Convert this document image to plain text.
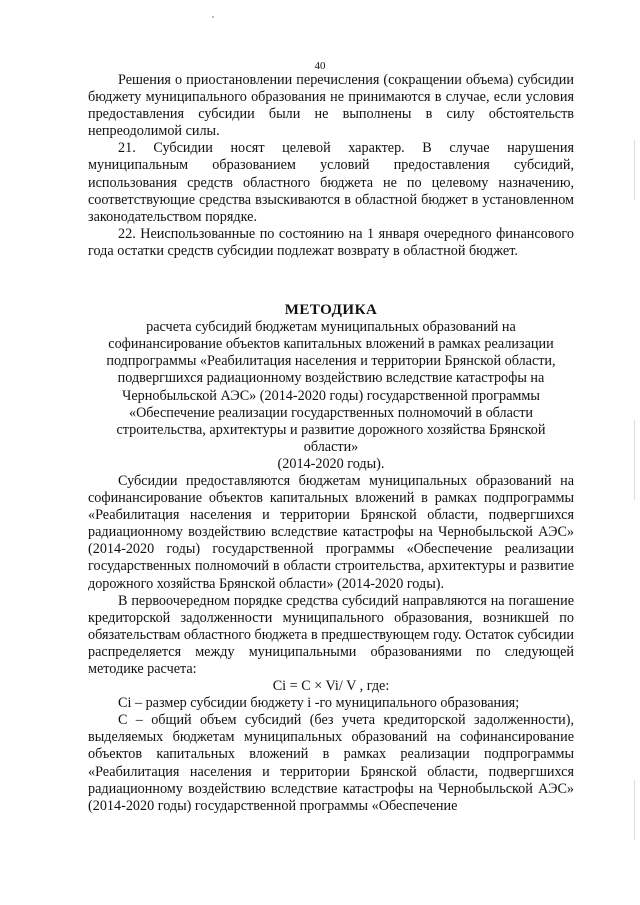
40

Решения о приостановлении перечисления (сокращении объема) субсидии бюджету муниципального образования не принимаются в случае, если условия предоставления субсидии были не выполнены в силу обстоятельств непреодолимой силы.

21. Субсидии носят целевой характер. В случае нарушения муниципальным образованием условий предоставления субсидий, использования средств областного бюджета не по целевому назначению, соответствующие средства взыскиваются в областной бюджет в установленном законодательством порядке.

22. Неиспользованные по состоянию на 1 января очередного финансового года остатки средств субсидии подлежат возврату в областной бюджет.

МЕТОДИКА

расчета субсидий бюджетам муниципальных образований на

софинансирование объектов капитальных вложений в рамках реализации

подпрограммы «Реабилитация населения и территории Брянской области,

подвергшихся радиационному воздействию вследствие катастрофы на

Чернобыльской АЭС» (2014-2020 годы) государственной программы

«Обеспечение реализации государственных полномочий в области

строительства, архитектуры и развитие дорожного хозяйства Брянской области»

(2014-2020 годы).

Субсидии предоставляются бюджетам муниципальных образований на софинансирование объектов капитальных вложений в рамках подпрограммы «Реабилитация населения и территории Брянской области, подвергшихся радиационному воздействию вследствие катастрофы на Чернобыльской АЭС» (2014-2020 годы) государственной программы «Обеспечение реализации государственных полномочий в области строительства, архитектуры и развитие дорожного хозяйства Брянской области» (2014-2020 годы).

В первоочередном порядке средства субсидий направляются на погашение кредиторской задолженности муниципального образования, возникшей по обязательствам областного бюджета в предшествующем году. Остаток субсидии распределяется между муниципальными образованиями по следующей методике расчета:

Ci = C × Vi/ V , где:

Ci – размер субсидии бюджету i -го муниципального образования;

С – общий объем субсидий (без учета кредиторской задолженности), выделяемых бюджетам муниципальных образований на софинансирование объектов капитальных вложений в рамках реализации подпрограммы «Реабилитация населения и территории Брянской области, подвергшихся радиационному воздействию вследствие катастрофы на Чернобыльской АЭС» (2014-2020 годы) государственной программы «Обеспечение
